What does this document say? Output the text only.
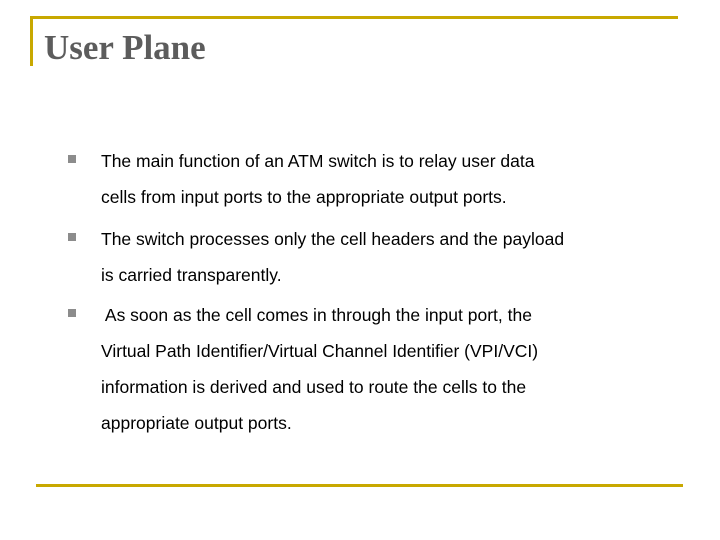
User Plane

The main function of an ATM switch is to relay user data
cells from input ports to the appropriate output ports.

The switch processes only the cell headers and the payload
is carried transparently.

As soon as the cell comes in through the input port, the
Virtual Path Identifier/Virtual Channel Identifier (VPI/VCI)
information is derived and used to route the cells to the
appropriate output ports.
